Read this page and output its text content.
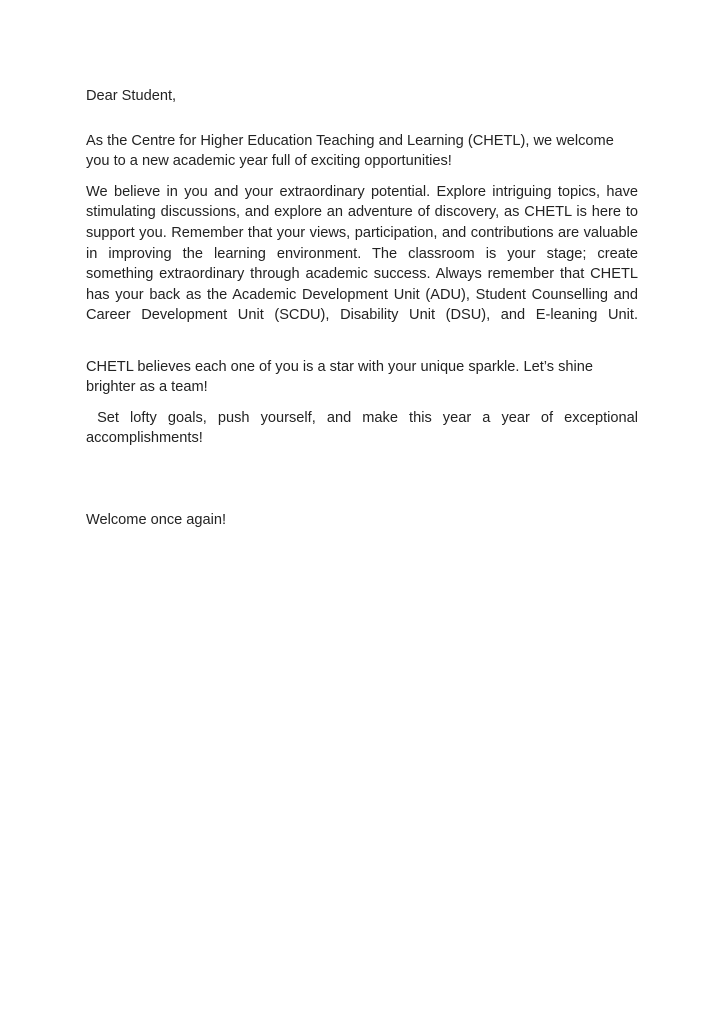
Dear Student,

As the Centre for Higher Education Teaching and Learning (CHETL), we welcome you to a new academic year full of exciting opportunities!

We believe in you and your extraordinary potential. Explore intriguing topics, have stimulating discussions, and explore an adventure of discovery, as CHETL is here to support you. Remember that your views, participation, and contributions are valuable in improving the learning environment. The classroom is your stage; create something extraordinary through academic success. Always remember that CHETL has your back as the Academic Development Unit (ADU), Student Counselling and Career Development Unit (SCDU), Disability Unit (DSU), and E-leaning Unit.

CHETL believes each one of you is a star with your unique sparkle. Let’s shine brighter as a team!

Set lofty goals, push yourself, and make this year a year of exceptional accomplishments!

Welcome once again!
